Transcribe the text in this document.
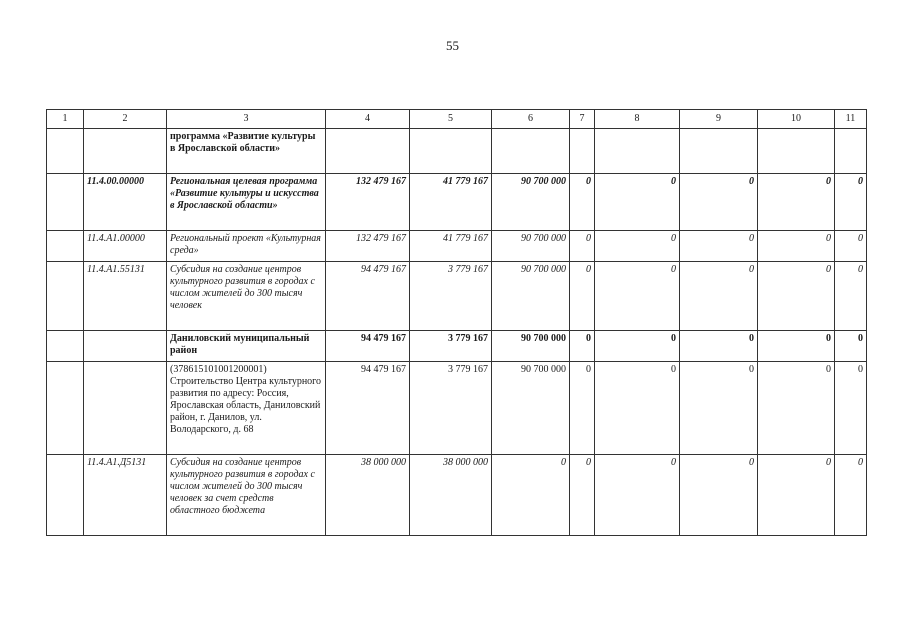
55
1	2	3	4	5	6	7	8	9	10	11
		программа «Развитие культуры в Ярославской области»								
	11.4.00.00000	Региональная целевая программа «Развитие культуры и искусства в Ярославской области»	132 479 167	41 779 167	90 700 000	0	0	0	0	0
	11.4.А1.00000	Региональный проект «Культурная среда»	132 479 167	41 779 167	90 700 000	0	0	0	0	0
	11.4.А1.55131	Субсидия на создание центров культурного развития в городах с числом жителей до 300 тысяч человек	94 479 167	3 779 167	90 700 000	0	0	0	0	0
		Даниловский муниципальный район	94 479 167	3 779 167	90 700 000	0	0	0	0	0
		(378615101001200001) Строительство Центра культурного развития по адресу: Россия, Ярославская область, Даниловский район, г. Данилов, ул. Володарского, д. 68	94 479 167	3 779 167	90 700 000	0	0	0	0	0
	11.4.А1.Д5131	Субсидия на создание центров культурного развития в городах с числом жителей до 300 тысяч человек за счет средств областного бюджета	38 000 000	38 000 000	0	0	0	0	0	0
